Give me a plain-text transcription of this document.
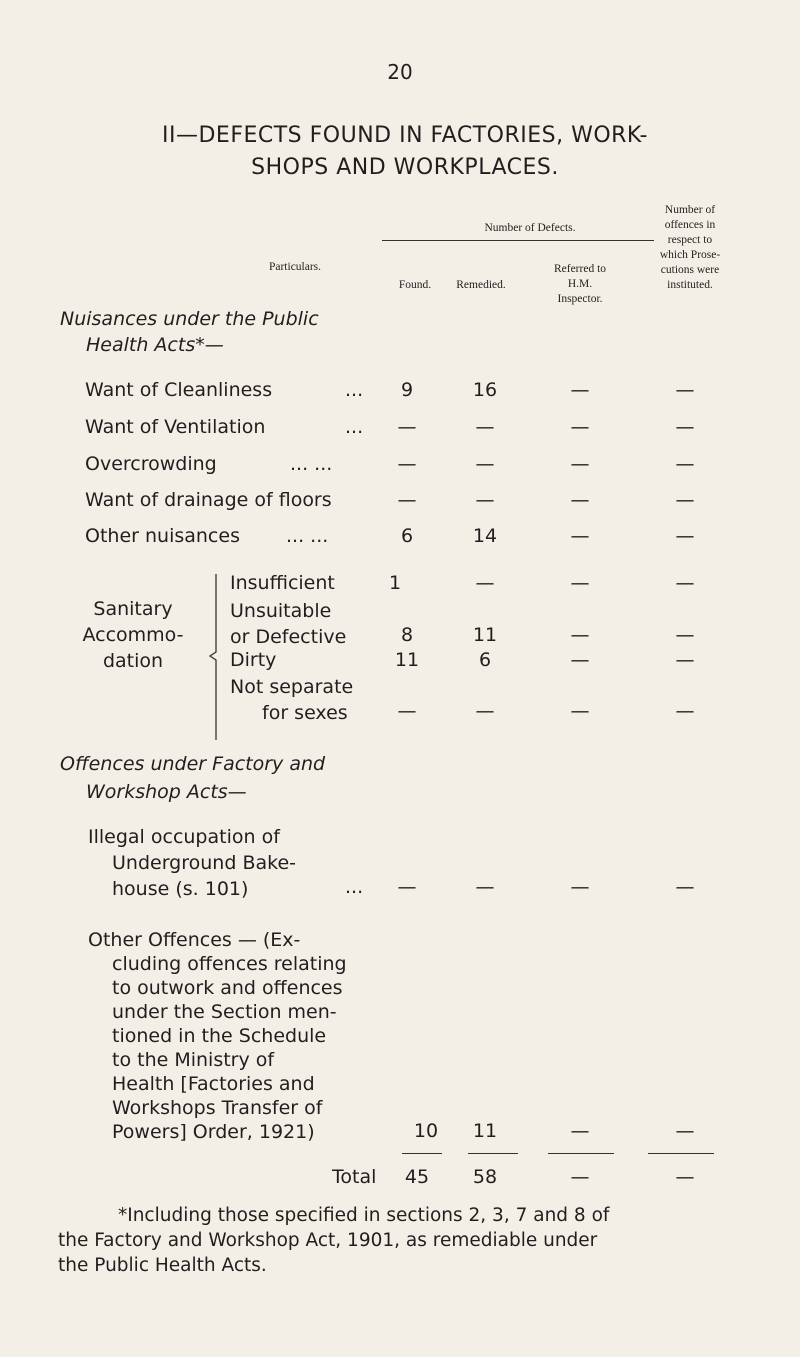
20
II—DEFECTS FOUND IN FACTORIES, WORK-
SHOPS AND WORKPLACES.
Number of Defects.
Particulars.
Found.	Remedied.
Referred to
H.M.
Inspector.
Number of
offences in
respect to
which Prose-
cutions were
instituted.
Nuisances under the Public
Health Acts*—
Want of Cleanliness	...	9	16	—	—
Want of Ventilation	...	—	—	—	—
Overcrowding	... ...	—	—	—	—
Want of drainage of floors	—	—	—	—
Other nuisances ... ...	6	14	—	—
Sanitary
Accommo-
dation
Insufficient	1	—	—	—
Unsuitable
or Defective	8	11	—	—
Dirty	11	6	—	—
Not separate
for sexes	—	—	—	—
Offences under Factory and
Workshop Acts—
Illegal occupation of
Underground Bake-
house (s. 101)	...	—	—	—	—
Other Offences — (Ex-
cluding offences relating
to outwork and offences
under the Section men-
tioned in the Schedule
to the Ministry of
Health [Factories and
Workshops Transfer of
Powers] Order, 1921)	10	11	—	—
Total	45	58	—	—
*Including those specified in sections 2, 3, 7 and 8 of
the Factory and Workshop Act, 1901, as remediable under
the Public Health Acts.
